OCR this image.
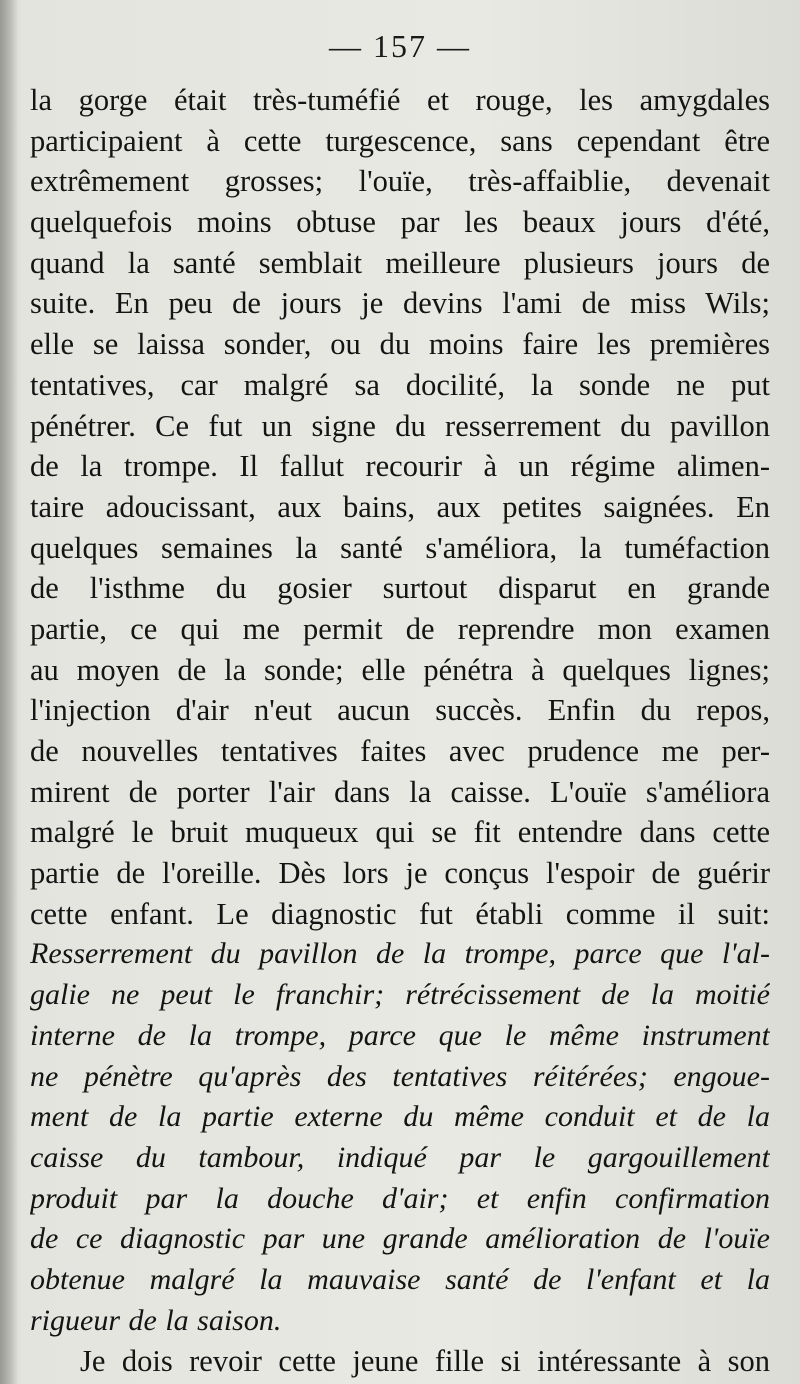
— 157 —
la gorge était très-tuméfié et rouge, les amygdales
participaient à cette turgescence, sans cependant être
extrêmement grosses; l'ouïe, très-affaiblie, devenait
quelquefois moins obtuse par les beaux jours d'été,
quand la santé semblait meilleure plusieurs jours de
suite. En peu de jours je devins l'ami de miss Wils;
elle se laissa sonder, ou du moins faire les premières
tentatives, car malgré sa docilité, la sonde ne put
pénétrer. Ce fut un signe du resserrement du pavillon
de la trompe. Il fallut recourir à un régime alimen-
taire adoucissant, aux bains, aux petites saignées. En
quelques semaines la santé s'améliora, la tuméfaction
de l'isthme du gosier surtout disparut en grande
partie, ce qui me permit de reprendre mon examen
au moyen de la sonde; elle pénétra à quelques lignes;
l'injection d'air n'eut aucun succès. Enfin du repos,
de nouvelles tentatives faites avec prudence me per-
mirent de porter l'air dans la caisse. L'ouïe s'améliora
malgré le bruit muqueux qui se fit entendre dans cette
partie de l'oreille. Dès lors je conçus l'espoir de guérir
cette enfant. Le diagnostic fut établi comme il suit:
Resserrement du pavillon de la trompe, parce que l'al-
galie ne peut le franchir; rétrécissement de la moitié
interne de la trompe, parce que le même instrument
ne pénètre qu'après des tentatives réitérées; engoue-
ment de la partie externe du même conduit et de la
caisse du tambour, indiqué par le gargouillement
produit par la douche d'air; et enfin confirmation
de ce diagnostic par une grande amélioration de l'ouïe
obtenue malgré la mauvaise santé de l'enfant et la
rigueur de la saison.
Je dois revoir cette jeune fille si intéressante à son
